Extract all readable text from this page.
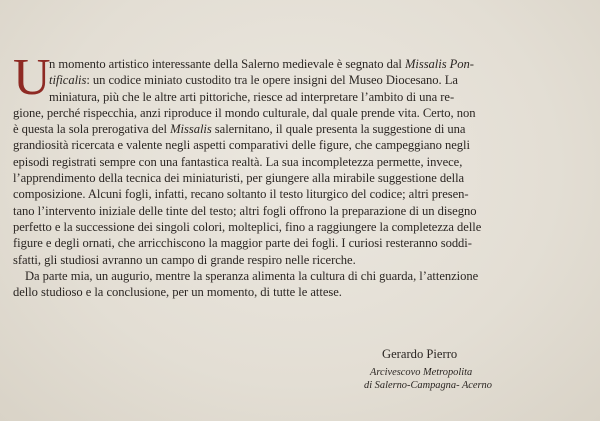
U
n momento artistico interessante della Salerno medievale è segnato dal Missalis Pon-
tificalis: un codice miniato custodito tra le opere insigni del Museo Diocesano. La
miniatura, più che le altre arti pittoriche, riesce ad interpretare l’ambito di una re-
gione, perché rispecchia, anzi riproduce il mondo culturale, dal quale prende vita. Certo, non
è questa la sola prerogativa del Missalis salernitano, il quale presenta la suggestione di una
grandiosità ricercata e valente negli aspetti comparativi delle figure, che campeggiano negli
episodi registrati sempre con una fantastica realtà. La sua incompletezza permette, invece,
l’apprendimento della tecnica dei miniaturisti, per giungere alla mirabile suggestione della
composizione. Alcuni fogli, infatti, recano soltanto il testo liturgico del codice; altri presen-
tano l’intervento iniziale delle tinte del testo; altri fogli offrono la preparazione di un disegno
perfetto e la successione dei singoli colori, molteplici, fino a raggiungere la completezza delle
figure e degli ornati, che arricchiscono la maggior parte dei fogli. I curiosi resteranno soddi-
sfatti, gli studiosi avranno un campo di grande respiro nelle ricerche.
Da parte mia, un augurio, mentre la speranza alimenta la cultura di chi guarda, l’attenzione
dello studioso e la conclusione, per un momento, di tutte le attese.
Gerardo Pierro
Arcivescovo Metropolita
di Salerno-Campagna- Acerno
